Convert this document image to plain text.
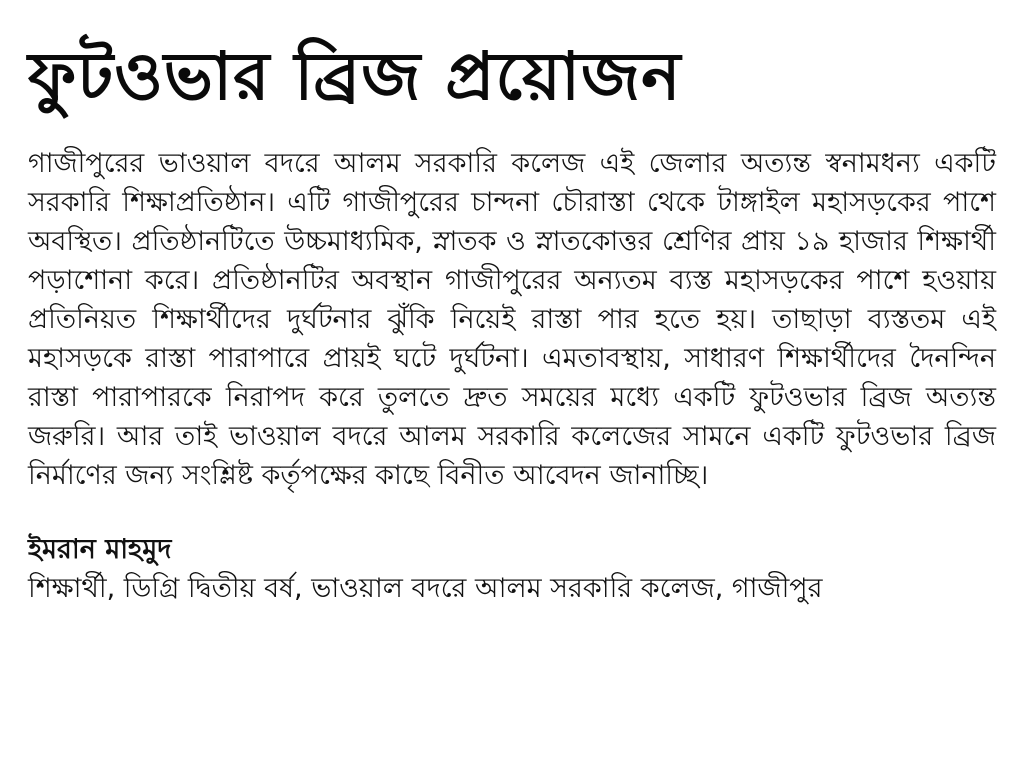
ফুটওভার ব্রিজ প্রয়োজন

গাজীপুরের ভাওয়াল বদরে আলম সরকারি কলেজ এই জেলার অত্যন্ত স্বনামধন্য একটি সরকারি শিক্ষাপ্রতিষ্ঠান। এটি গাজীপুরের চান্দনা চৌরাস্তা থেকে টাঙ্গাইল মহাসড়কের পাশে অবস্থিত। প্রতিষ্ঠানটিতে উচ্চমাধ্যমিক, স্নাতক ও স্নাতকোত্তর শ্রেণির প্রায় ১৯ হাজার শিক্ষার্থী পড়াশোনা করে। প্রতিষ্ঠানটির অবস্থান গাজীপুরের অন্যতম ব্যস্ত মহাসড়কের পাশে হওয়ায় প্রতিনিয়ত শিক্ষার্থীদের দুর্ঘটনার ঝুঁকি নিয়েই রাস্তা পার হতে হয়। তাছাড়া ব্যস্ততম এই মহাসড়কে রাস্তা পারাপারে প্রায়ই ঘটে দুর্ঘটনা। এমতাবস্থায়, সাধারণ শিক্ষার্থীদের দৈনন্দিন রাস্তা পারাপারকে নিরাপদ করে তুলতে দ্রুত সময়ের মধ্যে একটি ফুটওভার ব্রিজ অত্যন্ত জরুরি। আর তাই ভাওয়াল বদরে আলম সরকারি কলেজের সামনে একটি ফুটওভার ব্রিজ নির্মাণের জন্য সংশ্লিষ্ট কর্তৃপক্ষের কাছে বিনীত আবেদন জানাচ্ছি।

ইমরান মাহমুদ

শিক্ষার্থী, ডিগ্রি দ্বিতীয় বর্ষ, ভাওয়াল বদরে আলম সরকারি কলেজ, গাজীপুর
